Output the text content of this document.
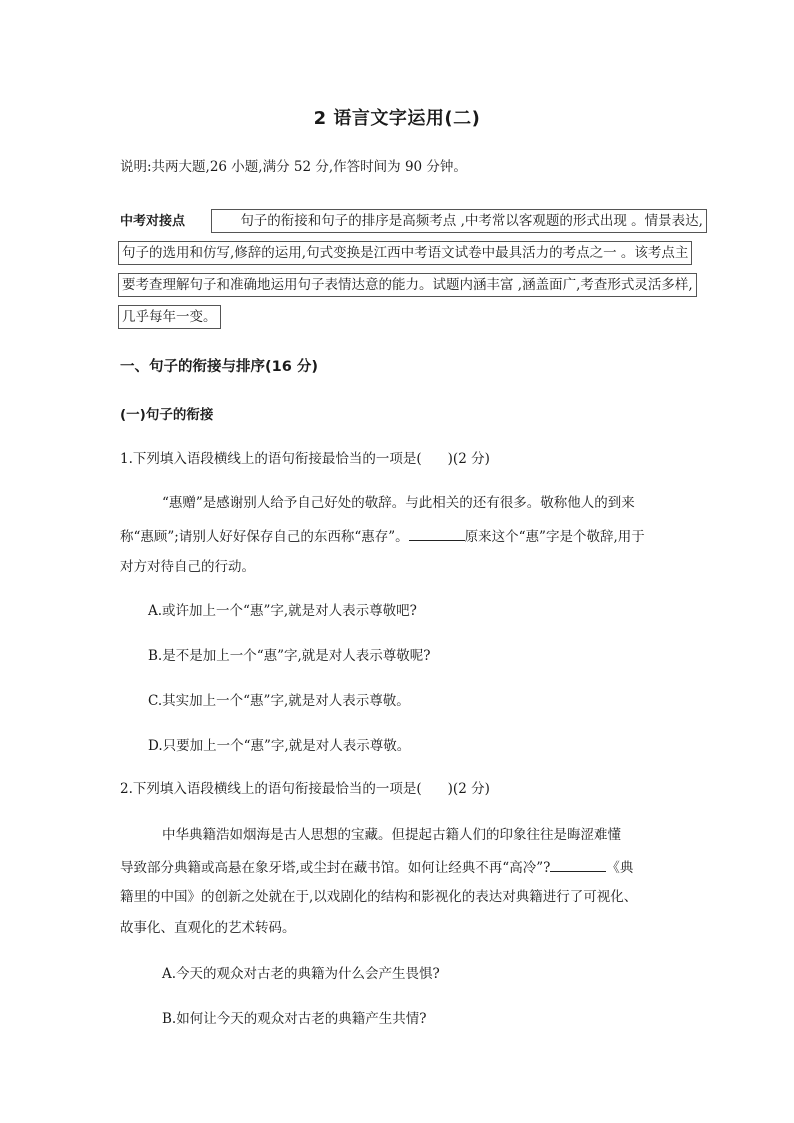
2 语言文字运用(二)
说明:共两大题,26 小题,满分 52 分,作答时间为 90 分钟。
中考对接点	句子的衔接和句子的排序是高频考点 ,中考常以客观题的形式出现 。情景表达,
句子的选用和仿写,修辞的运用,句式变换是江西中考语文试卷中最具活力的考点之一 。该考点主
要考查理解句子和准确地运用句子表情达意的能力。试题内涵丰富 ,涵盖面广,考查形式灵活多样,
几乎每年一变。
一、句子的衔接与排序(16 分)
(一)句子的衔接
1.下列填入语段横线上的语句衔接最恰当的一项是( )(2 分)
“惠赠”是感谢别人给予自己好处的敬辞。与此相关的还有很多。敬称他人的到来
称“惠顾”;请别人好好保存自己的东西称“惠存”。	原来这个“惠”字是个敬辞,用于
对方对待自己的行动。
A.或许加上一个“惠”字,就是对人表示尊敬吧?
B.是不是加上一个“惠”字,就是对人表示尊敬呢?
C.其实加上一个“惠”字,就是对人表示尊敬。
D.只要加上一个“惠”字,就是对人表示尊敬。
2.下列填入语段横线上的语句衔接最恰当的一项是( )(2 分)
中华典籍浩如烟海是古人思想的宝藏。但提起古籍人们的印象往往是晦涩难懂
导致部分典籍或高悬在象牙塔,或尘封在藏书馆。如何让经典不再“高冷”?	《典
籍里的中国》的创新之处就在于,以戏剧化的结构和影视化的表达对典籍进行了可视化、
故事化、直观化的艺术转码。
A.今天的观众对古老的典籍为什么会产生畏惧?
B.如何让今天的观众对古老的典籍产生共情?
